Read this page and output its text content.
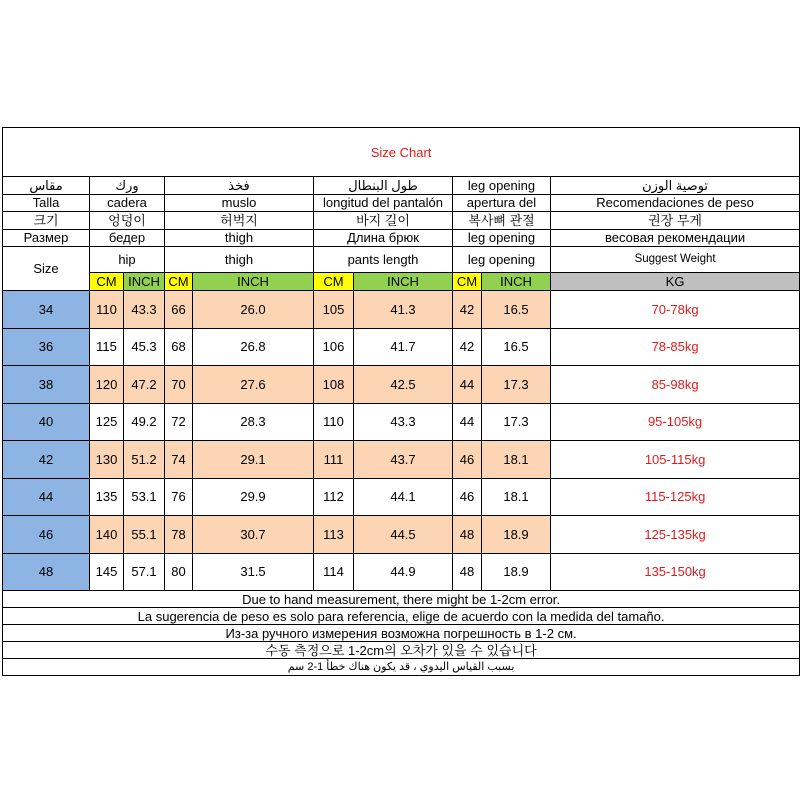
Size Chart									
مقاس	ورك		فخذ		طول البنطال		leg opening		توصية الوزن
Talla	cadera		muslo		longitud del pantalón		apertura del		Recomendaciones de peso
크기	엉덩이		허벅지		바지 길이		복사뼈 관절		권장 무게
Размер	бедер		thigh		Длина брюк		leg opening		весовая рекомендации
Size	hip		thigh		pants length		leg opening		Suggest Weight
	CM	INCH	CM	INCH	CM	INCH	CM	INCH	KG
34	110	43.3	66	26.0	105	41.3	42	16.5	70-78kg
36	115	45.3	68	26.8	106	41.7	42	16.5	78-85kg
38	120	47.2	70	27.6	108	42.5	44	17.3	85-98kg
40	125	49.2	72	28.3	110	43.3	44	17.3	95-105kg
42	130	51.2	74	29.1	111	43.7	46	18.1	105-115kg
44	135	53.1	76	29.9	112	44.1	46	18.1	115-125kg
46	140	55.1	78	30.7	113	44.5	48	18.9	125-135kg
48	145	57.1	80	31.5	114	44.9	48	18.9	135-150kg
Due to hand measurement, there might be 1-2cm error.									
La sugerencia de peso es solo para referencia, elige de acuerdo con la medida del tamaño.									
Из-за ручного измерения возможна погрешность в 1-2 см.									
수동 측정으로 1-2cm의 오차가 있을 수 있습니다									
بسبب القياس اليدوي ، قد يكون هناك خطأ 1-2 سم									
